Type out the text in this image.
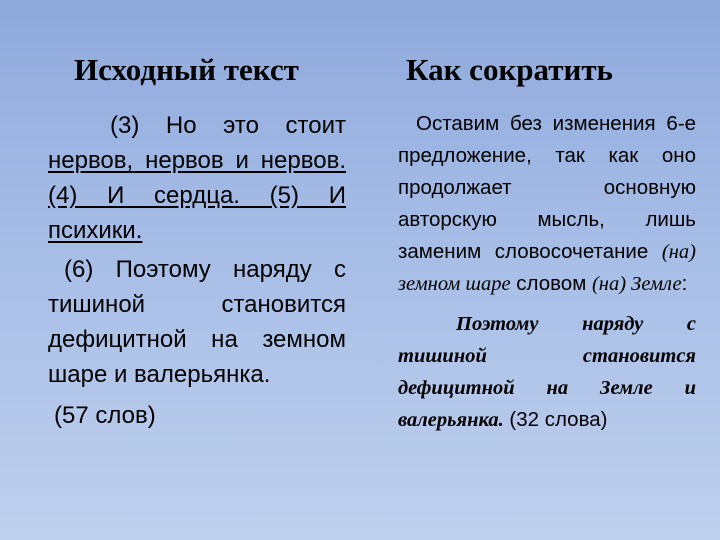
Исходный текст	Как сократить

(3) Но это стоит нервов, нервов и нервов. (4) И сердца. (5) И психики.

(6) Поэтому наряду с тишиной становится дефицитной на земном шаре и валерьянка.

(57 слов)

Оставим без изменения 6-е предложение, так как оно продолжает основную авторскую мысль, лишь заменим словосочетание (на) земном шаре словом (на) Земле:

Поэтому наряду с тишиной становится дефицитной на Земле и валерьянка. (32 слова)
